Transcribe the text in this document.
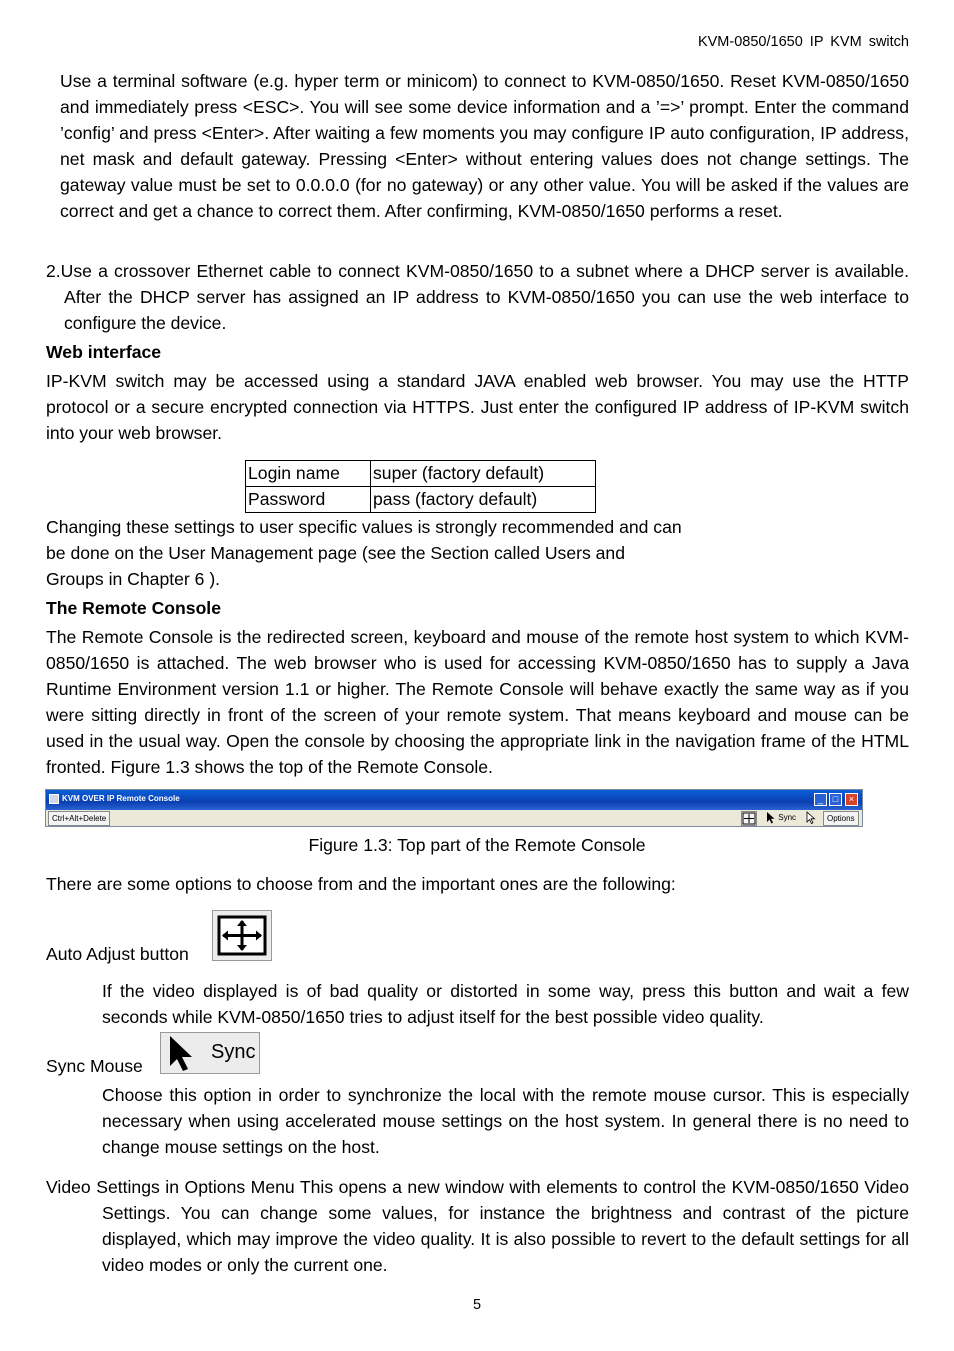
KVM-0850/1650 IP KVM switch
Use a terminal software (e.g. hyper term or minicom) to connect to KVM-0850/1650. Reset KVM-0850/1650 and immediately press <ESC>. You will see some device information and a ’=>’ prompt. Enter the command ’config’ and press <Enter>. After waiting a few moments you may configure IP auto configuration, IP address, net mask and default gateway. Pressing <Enter> without entering values does not change settings. The gateway value must be set to 0.0.0.0 (for no gateway) or any other value. You will be asked if the values are correct and get a chance to correct them. After confirming, KVM-0850/1650 performs a reset.
2.Use a crossover Ethernet cable to connect KVM-0850/1650 to a subnet where a DHCP server is available. After the DHCP server has assigned an IP address to KVM-0850/1650 you can use the web interface to configure the device.
Web interface
IP-KVM switch may be accessed using a standard JAVA enabled web browser. You may use the HTTP protocol or a secure encrypted connection via HTTPS. Just enter the configured IP address of IP-KVM switch into your web browser.
Login name	super (factory default)
Password	pass (factory default)
Changing these settings to user specific values is strongly recommended and can be done on the User Management page (see the Section called Users and Groups in Chapter 6 ).
The Remote Console
The Remote Console is the redirected screen, keyboard and mouse of the remote host system to which KVM-0850/1650 is attached. The web browser who is used for accessing KVM-0850/1650 has to supply a Java Runtime Environment version 1.1 or higher. The Remote Console will behave exactly the same way as if you were sitting directly in front of the screen of your remote system. That means keyboard and mouse can be used in the usual way. Open the console by choosing the appropriate link in the navigation frame of the HTML fronted. Figure 1.3 shows the top of the Remote Console.
KVM OVER IP Remote Console	_	□	×
Ctrl+Alt+Delete	Sync	Options
Figure 1.3: Top part of the Remote Console
There are some options to choose from and the important ones are the following:
Auto Adjust button
If the video displayed is of bad quality or distorted in some way, press this button and wait a few seconds while KVM-0850/1650 tries to adjust itself for the best possible video quality.
Sync Mouse
Sync
Choose this option in order to synchronize the local with the remote mouse cursor. This is especially necessary when using accelerated mouse settings on the host system. In general there is no need to change mouse settings on the host.
Video Settings in Options Menu This opens a new window with elements to control the KVM-0850/1650 Video Settings. You can change some values, for instance the brightness and contrast of the picture displayed, which may improve the video quality. It is also possible to revert to the default settings for all video modes or only the current one.
5
